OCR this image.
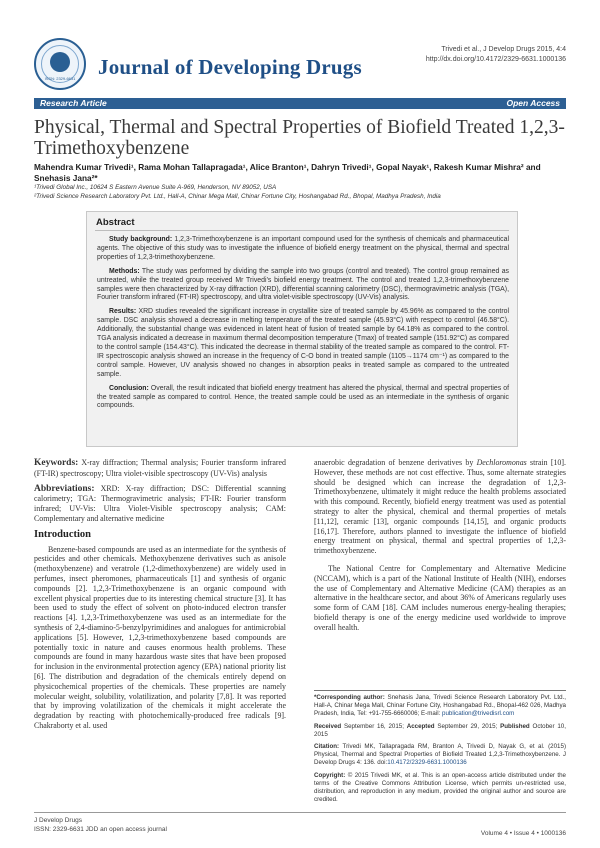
ISSN: 2329-6631	Journal of Developing Drugs
Trivedi et al., J Develop Drugs 2015, 4:4
http://dx.doi.org/10.4172/2329-6631.1000136
Research Article	Open Access
Physical, Thermal and Spectral Properties of Biofield Treated 1,2,3-Trimethoxybenzene
Mahendra Kumar Trivedi¹, Rama Mohan Tallapragada¹, Alice Branton¹, Dahryn Trivedi¹, Gopal Nayak¹, Rakesh Kumar Mishra² and Snehasis Jana²*
¹Trivedi Global Inc., 10624 S Eastern Avenue Suite A-969, Henderson, NV 89052, USA
²Trivedi Science Research Laboratory Pvt. Ltd., Hall-A, Chinar Mega Mall, Chinar Fortune City, Hoshangabad Rd., Bhopal, Madhya Pradesh, India
Abstract

Study background: 1,2,3-Trimethoxybenzene is an important compound used for the synthesis of chemicals and pharmaceutical agents. The objective of this study was to investigate the influence of biofield energy treatment on the physical, thermal and spectral properties of 1,2,3-trimethoxybenzene.

Methods: The study was performed by dividing the sample into two groups (control and treated). The control group remained as untreated, while the treated group received Mr Trivedi’s biofield energy treatment. The control and treated 1,2,3-trimethoxybenzene samples were then characterized by X-ray diffraction (XRD), differential scanning calorimetry (DSC), thermogravimetric analysis (TGA), Fourier transform infrared (FT-IR) spectroscopy, and ultra violet-visible spectroscopy (UV-Vis) analysis.

Results: XRD studies revealed the significant increase in crystallite size of treated sample by 45.96% as compared to the control sample. DSC analysis showed a decrease in melting temperature of the treated sample (45.93°C) with respect to control (46.58°C). Additionally, the substantial change was evidenced in latent heat of fusion of treated sample by 64.18% as compared to the control. TGA analysis indicated a decrease in maximum thermal decomposition temperature (Tmax) of treated sample (151.92°C) as compared to the control sample (154.43°C). This indicated the decrease in thermal stability of the treated sample as compared to the control. FT-IR spectroscopic analysis showed an increase in the frequency of C-O bond in treated sample (1105→1174 cm⁻¹) as compared to the control sample. However, UV analysis showed no changes in absorption peaks in treated sample as compared to the untreated sample.

Conclusion: Overall, the result indicated that biofield energy treatment has altered the physical, thermal and spectral properties of the treated sample as compared to control. Hence, the treated sample could be used as an intermediate in the synthesis of organic compounds.

Keywords: X-ray diffraction; Thermal analysis; Fourier transform infrared (FT-IR) spectroscopy; Ultra violet-visible spectroscopy (UV-Vis) analysis

Abbreviations: XRD: X-ray diffraction; DSC: Differential scanning calorimetry; TGA: Thermogravimetric analysis; FT-IR: Fourier transform infrared; UV-Vis: Ultra Violet-Visible spectroscopy analysis; CAM: Complementary and alternative medicine

Introduction

Benzene-based compounds are used as an intermediate for the synthesis of pesticides and other chemicals. Methoxybenzene derivatives such as anisole (methoxybenzene) and veratrole (1,2-dimethoxybenzene) are widely used in perfumes, insect pheromones, pharmaceuticals [1] and synthesis of organic compounds [2]. 1,2,3-Trimethoxybenzene is an organic compound with excellent physical properties due to its interesting chemical structure [3]. It has been used to study the effect of solvent on photo-induced electron transfer reactions [4]. 1,2,3-Trimethoxybenzene was used as an intermediate for the synthesis of 2,4-diamino-5-benzylpyrimidines and analogues for antimicrobial applications [5]. However, 1,2,3-trimethoxybenzene based compounds are potentially toxic in nature and causes enormous health problems. These compounds are found in many hazardous waste sites that have been proposed for inclusion in the environmental protection agency (EPA) national priority list [6]. The distribution and degradation of the chemicals entirely depend on physicochemical properties of the chemicals. These properties are namely molecular weight, solubility, volatilization, and polarity [7,8]. It was reported that by improving volatilization of the chemicals it might accelerate the degradation by reacting with photochemically-produced free radicals [9]. Chakraborty et al. used

anaerobic degradation of benzene derivatives by Dechloromonas strain [10]. However, these methods are not cost effective. Thus, some alternate strategies should be designed which can increase the degradation of 1,2,3-Trimethoxybenzene, ultimately it might reduce the health problems associated with this compound. Recently, biofield energy treatment was used as potential strategy to alter the physical, chemical and thermal properties of metals [11,12], ceramic [13], organic compounds [14,15], and organic products [16,17]. Therefore, authors planned to investigate the influence of biofield energy treatment on physical, thermal and spectral properties of 1,2,3-trimethoxybenzene.

The National Centre for Complementary and Alternative Medicine (NCCAM), which is a part of the National Institute of Health (NIH), endorses the use of Complementary and Alternative Medicine (CAM) therapies as an alternative in the healthcare sector, and about 36% of Americans regularly uses some form of CAM [18]. CAM includes numerous energy-healing therapies; biofield therapy is one of the energy medicine used worldwide to improve overall health.

*Corresponding author: Snehasis Jana, Trivedi Science Research Laboratory Pvt. Ltd., Hall-A, Chinar Mega Mall, Chinar Fortune City, Hoshangabad Rd., Bhopal-462 026, Madhya Pradesh, India, Tel: +91-755-6660006; E-mail: publication@trivedisrl.com

Received September 16, 2015; Accepted September 29, 2015; Published October 10, 2015

Citation: Trivedi MK, Tallapragada RM, Branton A, Trivedi D, Nayak G, et al. (2015) Physical, Thermal and Spectral Properties of Biofield Treated 1,2,3-Trimethoxybenzene. J Develop Drugs 4: 136. doi:10.4172/2329-6631.1000136

Copyright: © 2015 Trivedi MK, et al. This is an open-access article distributed under the terms of the Creative Commons Attribution License, which permits un-restricted use, distribution, and reproduction in any medium, provided the original author and source are credited.

J Develop Drugs
ISSN: 2329-6631 JDD an open access journal
Volume 4 • Issue 4 • 1000136
